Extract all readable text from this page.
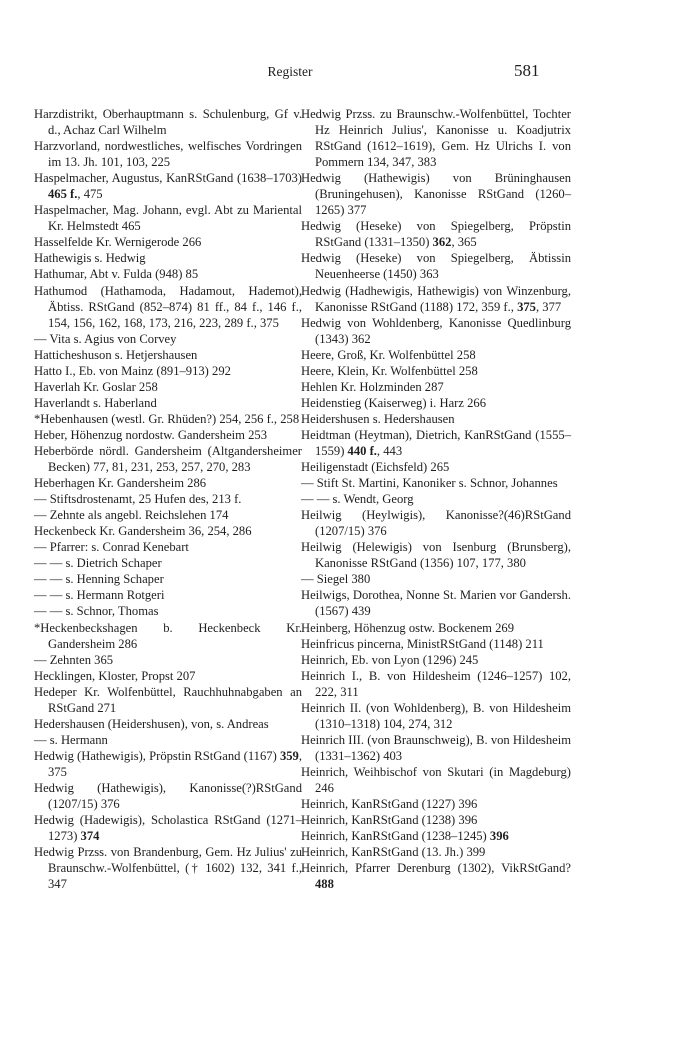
Register	581

Harzdistrikt, Oberhauptmann s. Schulenburg, Gf v. d., Achaz Carl Wilhelm

Harzvorland, nordwestliches, welfisches Vordringen im 13. Jh. 101, 103, 225

Haspelmacher, Augustus, KanRStGand (1638–1703) 465 f., 475

Haspelmacher, Mag. Johann, evgl. Abt zu Mariental Kr. Helmstedt 465

Hasselfelde Kr. Wernigerode 266

Hathewigis s. Hedwig

Hathumar, Abt v. Fulda (948) 85

Hathumod (Hathamoda, Hadamout, Hademot), Äbtiss. RStGand (852–874) 81 ff., 84 f., 146 f., 154, 156, 162, 168, 173, 216, 223, 289 f., 375

— Vita s. Agius von Corvey

Hatticheshuson s. Hetjershausen

Hatto I., Eb. von Mainz (891–913) 292

Haverlah Kr. Goslar 258

Haverlandt s. Haberland

*Hebenhausen (westl. Gr. Rhüden?) 254, 256 f., 258

Heber, Höhenzug nordostw. Gandersheim 253

Heberbörde nördl. Gandersheim (Altgandersheimer Becken) 77, 81, 231, 253, 257, 270, 283

Heberhagen Kr. Gandersheim 286

— Stiftsdrostenamt, 25 Hufen des, 213 f.

— Zehnte als angebl. Reichslehen 174

Heckenbeck Kr. Gandersheim 36, 254, 286

— Pfarrer: s. Conrad Kenebart

— — s. Dietrich Schaper

— — s. Henning Schaper

— — s. Hermann Rotgeri

— — s. Schnor, Thomas

*Heckenbeckshagen b. Heckenbeck Kr. Gandersheim 286

— Zehnten 365

Hecklingen, Kloster, Propst 207

Hedeper Kr. Wolfenbüttel, Rauchhuhnabgaben an RStGand 271

Hedershausen (Heidershusen), von, s. Andreas

— s. Hermann

Hedwig (Hathewigis), Pröpstin RStGand (1167) 359, 375

Hedwig (Hathewigis), Kanonisse(?)RStGand (1207/15) 376

Hedwig (Hadewigis), Scholastica RStGand (1271–1273) 374

Hedwig Przss. von Brandenburg, Gem. Hz Julius' zu Braunschw.-Wolfenbüttel, († 1602) 132, 341 f., 347

Hedwig Przss. zu Braunschw.-Wolfenbüttel, Tochter Hz Heinrich Julius', Kanonisse u. Koadjutrix RStGand (1612–1619), Gem. Hz Ulrichs I. von Pommern 134, 347, 383

Hedwig (Hathewigis) von Brüninghausen (Bruningehusen), Kanonisse RStGand (1260–1265) 377

Hedwig (Heseke) von Spiegelberg, Pröpstin RStGand (1331–1350) 362, 365

Hedwig (Heseke) von Spiegelberg, Äbtissin Neuenheerse (1450) 363

Hedwig (Hadhewigis, Hathewigis) von Winzenburg, Kanonisse RStGand (1188) 172, 359 f., 375, 377

Hedwig von Wohldenberg, Kanonisse Quedlinburg (1343) 362

Heere, Groß, Kr. Wolfenbüttel 258

Heere, Klein, Kr. Wolfenbüttel 258

Hehlen Kr. Holzminden 287

Heidenstieg (Kaiserweg) i. Harz 266

Heidershusen s. Hedershausen

Heidtman (Heytman), Dietrich, KanRStGand (1555–1559) 440 f., 443

Heiligenstadt (Eichsfeld) 265

— Stift St. Martini, Kanoniker s. Schnor, Johannes

— — s. Wendt, Georg

Heilwig (Heylwigis), Kanonisse?(46)RStGand (1207/15) 376

Heilwig (Helewigis) von Isenburg (Brunsberg), Kanonisse RStGand (1356) 107, 177, 380

— Siegel 380

Heilwigs, Dorothea, Nonne St. Marien vor Gandersh. (1567) 439

Heinberg, Höhenzug ostw. Bockenem 269

Heinfricus pincerna, MinistRStGand (1148) 211

Heinrich, Eb. von Lyon (1296) 245

Heinrich I., B. von Hildesheim (1246–1257) 102, 222, 311

Heinrich II. (von Wohldenberg), B. von Hildesheim (1310–1318) 104, 274, 312

Heinrich III. (von Braunschweig), B. von Hildesheim (1331–1362) 403

Heinrich, Weihbischof von Skutari (in Magdeburg) 246

Heinrich, KanRStGand (1227) 396

Heinrich, KanRStGand (1238) 396

Heinrich, KanRStGand (1238–1245) 396

Heinrich, KanRStGand (13. Jh.) 399

Heinrich, Pfarrer Derenburg (1302), VikRStGand? 488
